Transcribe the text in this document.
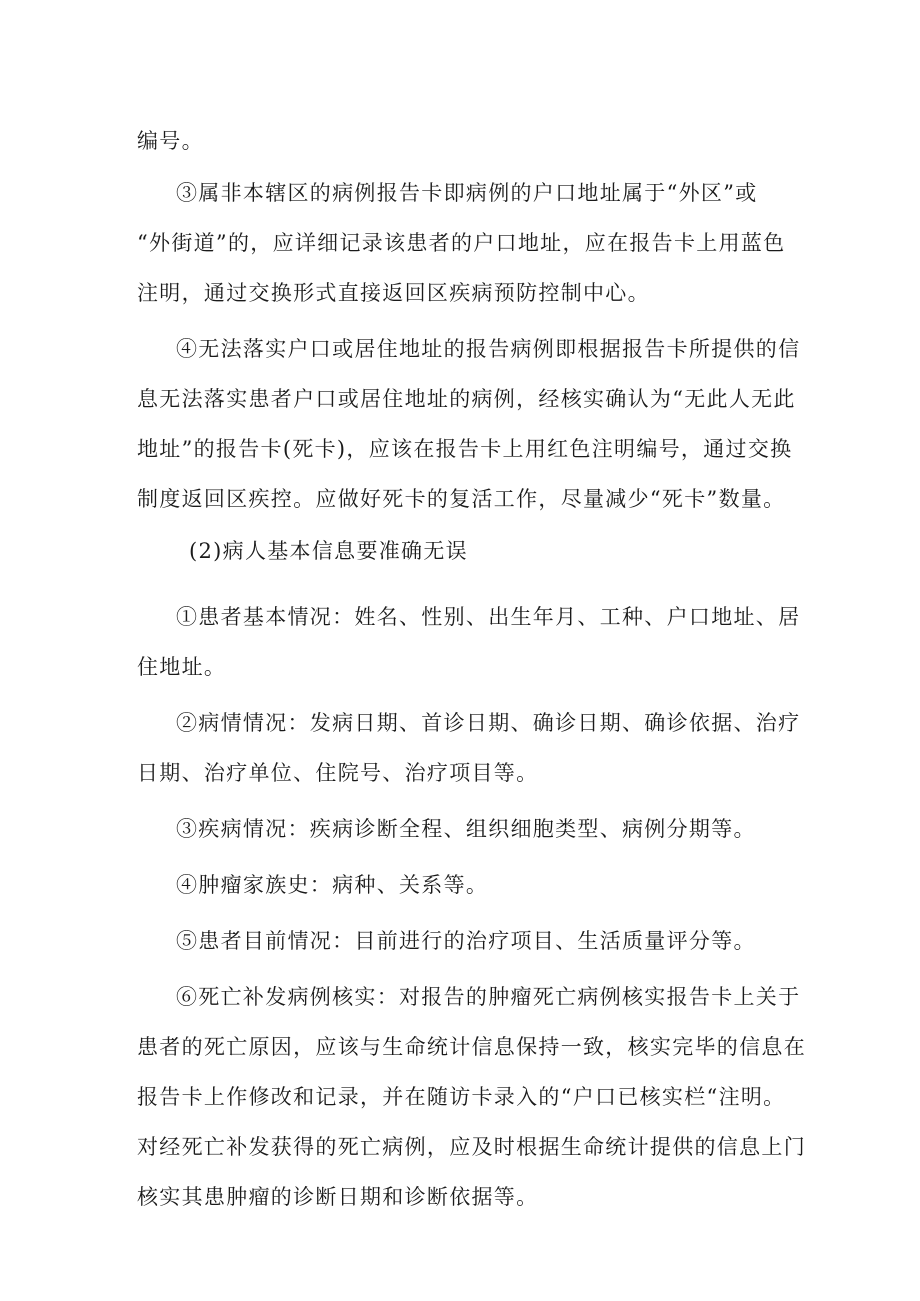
编号。
③属非本辖区的病例报告卡即病例的户口地址属于“外区”或
“外街道”的，应详细记录该患者的户口地址，应在报告卡上用蓝色
注明，通过交换形式直接返回区疾病预防控制中心。
④无法落实户口或居住地址的报告病例即根据报告卡所提供的信
息无法落实患者户口或居住地址的病例，经核实确认为“无此人无此
地址”的报告卡(死卡)，应该在报告卡上用红色注明编号，通过交换
制度返回区疾控。应做好死卡的复活工作，尽量减少“死卡”数量。
(2)病人基本信息要准确无误
①患者基本情况：姓名、性别、出生年月、工种、户口地址、居
住地址。
②病情情况：发病日期、首诊日期、确诊日期、确诊依据、治疗
日期、治疗单位、住院号、治疗项目等。
③疾病情况：疾病诊断全程、组织细胞类型、病例分期等。
④肿瘤家族史：病种、关系等。
⑤患者目前情况：目前进行的治疗项目、生活质量评分等。
⑥死亡补发病例核实：对报告的肿瘤死亡病例核实报告卡上关于
患者的死亡原因，应该与生命统计信息保持一致，核实完毕的信息在
报告卡上作修改和记录，并在随访卡录入的“户口已核实栏“注明。
对经死亡补发获得的死亡病例，应及时根据生命统计提供的信息上门
核实其患肿瘤的诊断日期和诊断依据等。
